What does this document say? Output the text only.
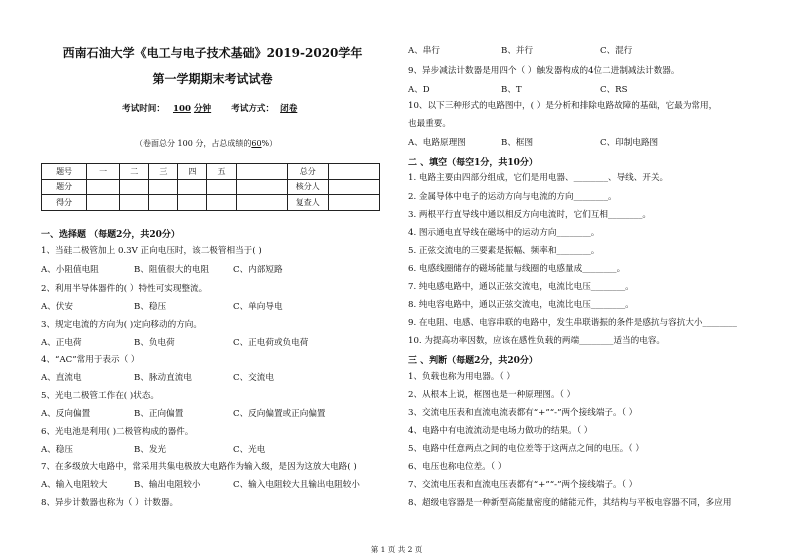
西南石油大学《电工与电子技术基础》2019-2020学年
第一学期期末考试试卷
考试时间： 100 分钟 考试方式： 闭卷
（卷面总分 100 分，占总成绩的60%）
题号	一	二	三	四	五		总分	
题分							核分人	
得分							复查人	
一、选择题 （每题2分，共20分）
1、当硅二极管加上 0.3V 正向电压时，该二极管相当于( )
A、小阻值电阻	B、阻值很大的电阻	C、内部短路
2、利用半导体器件的( ）特性可实现整流。
A、伏安	B、稳压	C、单向导电
3、规定电流的方向为( )定向移动的方向。
A、正电荷	B、负电荷	C、正电荷或负电荷
4、“AC”常用于表示（ ）
A、直流电	B、脉动直流电	C、交流电
5、光电二极管工作在( )状态。
A、反向偏置	B、正向偏置	C、反向偏置或正向偏置
6、光电池是利用( )二极管构成的器件。
A、稳压	B、发光	C、光电
7、在多级放大电路中，常采用共集电极放大电路作为输入级，是因为这放大电路( )
A、输入电阻较大	B、输出电阻较小	C、输入电阻较大且输出电阻较小
8、异步计数器也称为（ ）计数器。
A、串行	B、并行	C、混行
9、异步减法计数器是用四个（ ）触发器构成的4位二进制减法计数器。
A、D	B、T	C、RS
10、以下三种形式的电路图中，( ）是分析和排除电路故障的基础，它最为常用，
也最重要。
A、电路原理图	B、框图	C、印制电路图
二 、填空（每空1分，共10分）
1. 电路主要由四部分组成，它们是用电器、________、导线、开关。
2. 金属导体中电子的运动方向与电流的方向________。
3. 两根平行直导线中通以相反方向电流时，它们互相________。
4. 图示通电直导线在磁场中的运动方向________。
5. 正弦交流电的三要素是振幅、频率和________。
6. 电感线圈储存的磁场能量与线圈的电感量成________。
7. 纯电感电路中，通以正弦交流电，电流比电压________。
8. 纯电容电路中，通以正弦交流电，电流比电压________。
9. 在电阻、电感、电容串联的电路中，发生串联谐振的条件是感抗与容抗大小________
10. 为提高功率因数，应该在感性负载的两端________适当的电容。
三 、判断（每题2分，共20分）
1、负载也称为用电器。（ ）
2、从根本上说，框图也是一种原理图。（ ）
3、交流电压表和直流电流表都有“+”“-”两个接线端子。（ ）
4、电路中有电流流动是电场力做功的结果。（ ）
5、电路中任意两点之间的电位差等于这两点之间的电压。（ ）
6、电压也称电位差。（ ）
7、交流电压表和直流电压表都有“+”“-”两个接线端子。（ ）
8、超级电容器是一种新型高能量密度的储能元件，其结构与平板电容器不同，多应用
第 1 页 共 2 页
